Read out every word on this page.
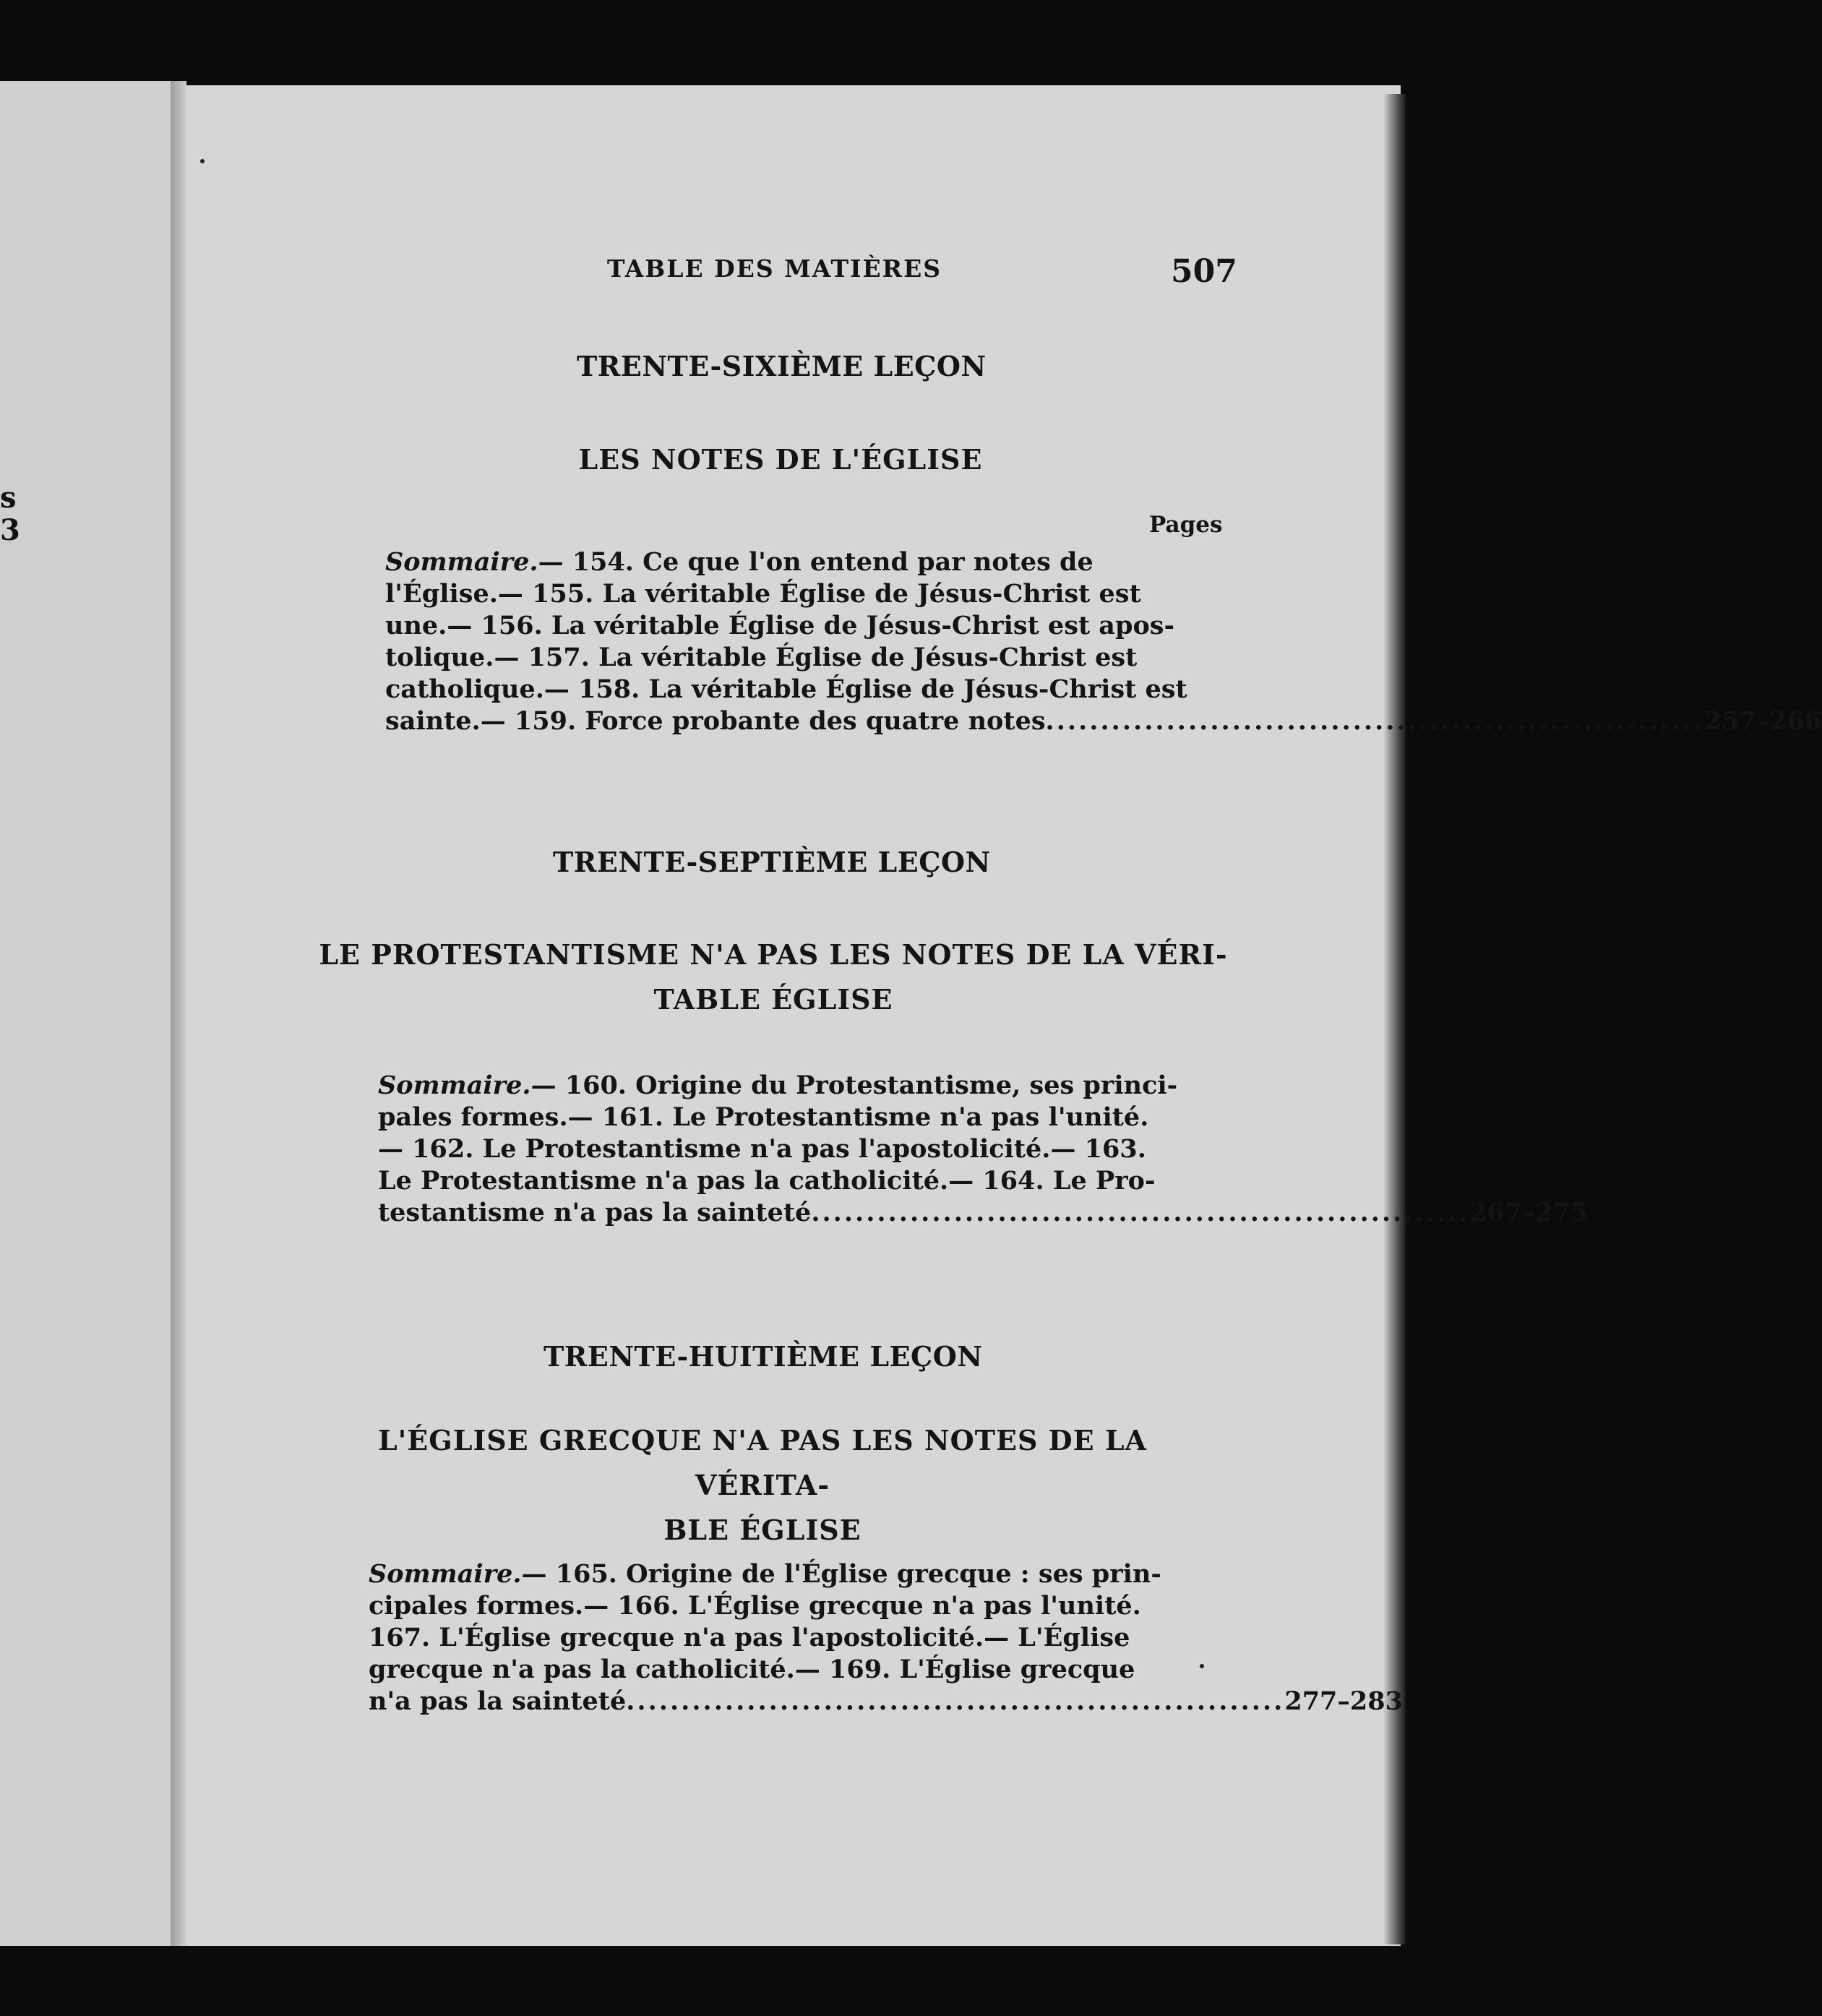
s
3
TABLE DES MATIÈRES	507
TRENTE-SIXIÈME LEÇON
LES NOTES DE L'ÉGLISE
Pages
Sommaire. — 154. Ce que l'on entend par notes de
l'Église.— 155. La véritable Église de Jésus-Christ est
une.— 156. La véritable Église de Jésus-Christ est apos-
tolique.— 157. La véritable Église de Jésus-Christ est
catholique.— 158. La véritable Église de Jésus-Christ est
sainte.— 159. Force probante des quatre notes ............................................................ 257–266
TRENTE-SEPTIÈME LEÇON
LE PROTESTANTISME N'A PAS LES NOTES DE LA VÉRI-
TABLE ÉGLISE
Sommaire. — 160. Origine du Protestantisme, ses princi-
pales formes.— 161. Le Protestantisme n'a pas l'unité.
— 162. Le Protestantisme n'a pas l'apostolicité.— 163.
Le Protestantisme n'a pas la catholicité.— 164. Le Pro-
testantisme n'a pas la sainteté ............................................................ 267–275
TRENTE-HUITIÈME LEÇON
L'ÉGLISE GRECQUE N'A PAS LES NOTES DE LA VÉRITA-
BLE ÉGLISE
Sommaire. — 165. Origine de l'Église grecque : ses prin-
cipales formes.— 166. L'Église grecque n'a pas l'unité.
167. L'Église grecque n'a pas l'apostolicité.— L'Église
grecque n'a pas la catholicité.— 169. L'Église grecque
n'a pas la sainteté ............................................................ 277–283
